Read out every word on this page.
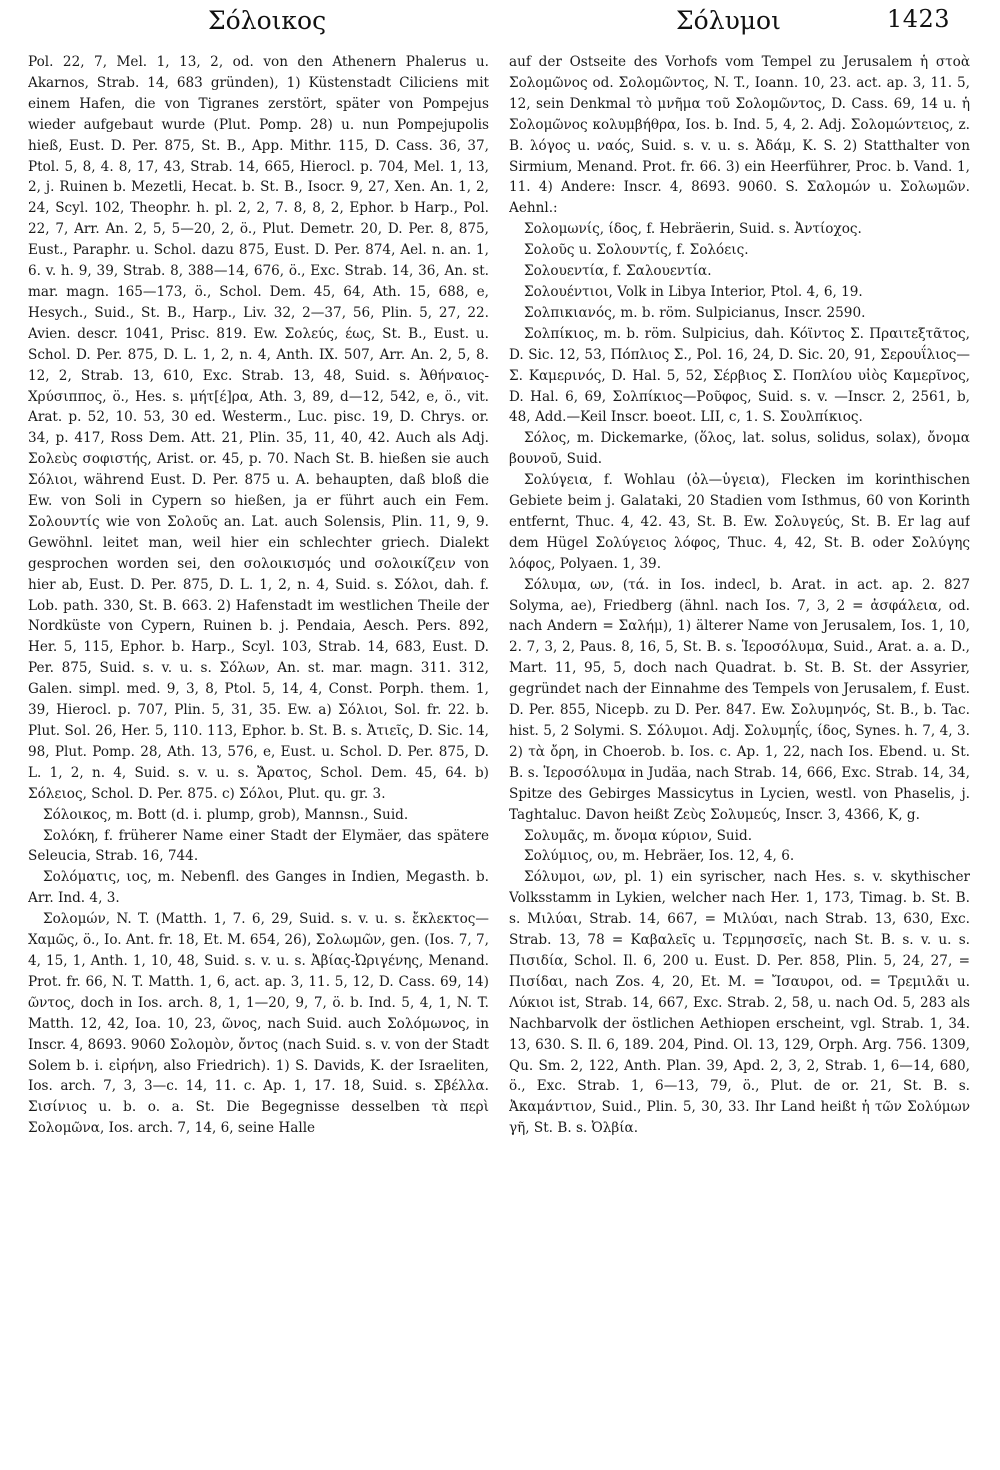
Σόλοικος	Σόλυμοι	1423

Pol. 22, 7, Mel. 1, 13, 2, od. von den Athenern Phalerus u. Akarnos, Strab. 14, 683 gründen), 1) Küstenstadt Ciliciens mit einem Hafen, die von Tigranes zerstört, später von Pompejus wieder aufgebaut wurde (Plut. Pomp. 28) u. nun Pompejupolis hieß, Eust. D. Per. 875, St. B., App. Mithr. 115, D. Cass. 36, 37, Ptol. 5, 8, 4. 8, 17, 43, Strab. 14, 665, Hierocl. p. 704, Mel. 1, 13, 2, j. Ruinen b. Mezetli, Hecat. b. St. B., Isocr. 9, 27, Xen. An. 1, 2, 24, Scyl. 102, Theophr. h. pl. 2, 2, 7. 8, 8, 2, Ephor. b Harp., Pol. 22, 7, Arr. An. 2, 5, 5—20, 2, ö., Plut. Demetr. 20, D. Per. 8, 875, Eust., Paraphr. u. Schol. dazu 875, Eust. D. Per. 874, Ael. n. an. 1, 6. v. h. 9, 39, Strab. 8, 388—14, 676, ö., Exc. Strab. 14, 36, An. st. mar. magn. 165—173, ö., Schol. Dem. 45, 64, Ath. 15, 688, e, Hesych., Suid., St. B., Harp., Liv. 32, 2—37, 56, Plin. 5, 27, 22. Avien. descr. 1041, Prisc. 819. Ew. Σολεύς, έως, St. B., Eust. u. Schol. D. Per. 875, D. L. 1, 2, n. 4, Anth. IX. 507, Arr. An. 2, 5, 8. 12, 2, Strab. 13, 610, Exc. Strab. 13, 48, Suid. s. Ἀθήναιος-Χρύσιππος, ö., Hes. s. μήτ[έ]ρα, Ath. 3, 89, d—12, 542, e, ö., vit. Arat. p. 52, 10. 53, 30 ed. Westerm., Luc. pisc. 19, D. Chrys. or. 34, p. 417, Ross Dem. Att. 21, Plin. 35, 11, 40, 42. Auch als Adj. Σολεὺς σοφιστής, Arist. or. 45, p. 70. Nach St. B. hießen sie auch Σόλιοι, während Eust. D. Per. 875 u. A. behaupten, daß bloß die Ew. von Soli in Cypern so hießen, ja er führt auch ein Fem. Σολουντίς wie von Σολοῦς an. Lat. auch Solensis, Plin. 11, 9, 9. Gewöhnl. leitet man, weil hier ein schlechter griech. Dialekt gesprochen worden sei, den σολοικισμός und σολοικίζειν von hier ab, Eust. D. Per. 875, D. L. 1, 2, n. 4, Suid. s. Σόλοι, dah. f. Lob. path. 330, St. B. 663. 2) Hafenstadt im westlichen Theile der Nordküste von Cypern, Ruinen b. j. Pendaia, Aesch. Pers. 892, Her. 5, 115, Ephor. b. Harp., Scyl. 103, Strab. 14, 683, Eust. D. Per. 875, Suid. s. v. u. s. Σόλων, An. st. mar. magn. 311. 312, Galen. simpl. med. 9, 3, 8, Ptol. 5, 14, 4, Const. Porph. them. 1, 39, Hierocl. p. 707, Plin. 5, 31, 35. Ew. a) Σόλιοι, Sol. fr. 22. b. Plut. Sol. 26, Her. 5, 110. 113, Ephor. b. St. B. s. Ἀτιεῖς, D. Sic. 14, 98, Plut. Pomp. 28, Ath. 13, 576, e, Eust. u. Schol. D. Per. 875, D. L. 1, 2, n. 4, Suid. s. v. u. s. Ἄρατος, Schol. Dem. 45, 64. b) Σόλειος, Schol. D. Per. 875. c) Σόλοι, Plut. qu. gr. 3.

Σόλοικος, m. Bott (d. i. plump, grob), Mannsn., Suid.

Σολόκη, f. früherer Name einer Stadt der Elymäer, das spätere Seleucia, Strab. 16, 744.

Σολόματις, ιος, m. Nebenfl. des Ganges in Indien, Megasth. b. Arr. Ind. 4, 3.

Σολομών, N. T. (Matth. 1, 7. 6, 29, Suid. s. v. u. s. ἔκλεκτος—Χαμῶς, ö., Io. Ant. fr. 18, Et. M. 654, 26), Σολωμῶν, gen. (Ios. 7, 7, 4, 15, 1, Anth. 1, 10, 48, Suid. s. v. u. s. Ἀβίας-Ὠριγένης, Menand. Prot. fr. 66, N. T. Matth. 1, 6, act. ap. 3, 11. 5, 12, D. Cass. 69, 14) ῶντος, doch in Ios. arch. 8, 1, 1—20, 9, 7, ö. b. Ind. 5, 4, 1, N. T. Matth. 12, 42, Ioa. 10, 23, ῶνος, nach Suid. auch Σολόμωνος, in Inscr. 4, 8693. 9060 Σολομὸν, ὄντος (nach Suid. s. v. von der Stadt Solem b. i. εἰρήνη, also Friedrich). 1) S. Davids, K. der Israeliten, Ios. arch. 7, 3, 3—c. 14, 11. c. Ap. 1, 17. 18, Suid. s. Σβέλλα. Σισίνιος u. b. o. a. St. Die Begegnisse desselben τὰ περὶ Σολομῶνα, Ios. arch. 7, 14, 6, seine Halle

auf der Ostseite des Vorhofs vom Tempel zu Jerusalem ἡ στοὰ Σολομῶνος od. Σολομῶντος, N. T., Ioann. 10, 23. act. ap. 3, 11. 5, 12, sein Denkmal τὸ μνῆμα τοῦ Σολομῶντος, D. Cass. 69, 14 u. ἡ Σολομῶνος κολυμβήθρα, Ios. b. Ind. 5, 4, 2. Adj. Σολομώντειος, z. B. λόγος u. ναός, Suid. s. v. u. s. Ἀδάμ, K. S. 2) Statthalter von Sirmium, Menand. Prot. fr. 66. 3) ein Heerführer, Proc. b. Vand. 1, 11. 4) Andere: Inscr. 4, 8693. 9060. S. Σαλομών u. Σολωμῶν. Aehnl.:

Σολομωνίς, ίδος, f. Hebräerin, Suid. s. Ἀντίοχος.

Σολοῦς u. Σολουντίς, f. Σολόεις.

Σολουεντία, f. Σαλουεντία.

Σολουέντιοι, Volk in Libya Interior, Ptol. 4, 6, 19.

Σολπικιανός, m. b. röm. Sulpicianus, Inscr. 2590.

Σολπίκιος, m. b. röm. Sulpicius, dah. Κόϊντος Σ. Πραιτεξτᾶτος, D. Sic. 12, 53, Πόπλιος Σ., Pol. 16, 24, D. Sic. 20, 91, Σερουΐλιος—Σ. Καμερινός, D. Hal. 5, 52, Σέρβιος Σ. Ποπλίου υἱὸς Καμερῖνος, D. Hal. 6, 69, Σολπίκιος—Ροῦφος, Suid. s. v. —Inscr. 2, 2561, b, 48, Add.—Keil Inscr. boeot. LII, c, 1. S. Σουλπίκιος.

Σόλος, m. Dickemarke, (ὅλος, lat. solus, solidus, solax), ὄνομα βουνοῦ, Suid.

Σολύγεια, f. Wohlau (ὀλ—ὑγεια), Flecken im korinthischen Gebiete beim j. Galataki, 20 Stadien vom Isthmus, 60 von Korinth entfernt, Thuc. 4, 42. 43, St. B. Ew. Σολυγεύς, St. B. Er lag auf dem Hügel Σολύγειος λόφος, Thuc. 4, 42, St. B. oder Σολύγης λόφος, Polyaen. 1, 39.

Σόλυμα, ων, (τά. in Ios. indecl, b. Arat. in act. ap. 2. 827 Solyma, ae), Friedberg (ähnl. nach Ios. 7, 3, 2 = ἀσφάλεια, od. nach Andern = Σαλήμ), 1) älterer Name von Jerusalem, Ios. 1, 10, 2. 7, 3, 2, Paus. 8, 16, 5, St. B. s. Ἱεροσόλυμα, Suid., Arat. a. a. D., Mart. 11, 95, 5, doch nach Quadrat. b. St. B. St. der Assyrier, gegründet nach der Einnahme des Tempels von Jerusalem, f. Eust. D. Per. 855, Nicepb. zu D. Per. 847. Ew. Σολυμηνός, St. B., b. Tac. hist. 5, 2 Solymi. S. Σόλυμοι. Adj. Σολυμηΐς, ίδος, Synes. h. 7, 4, 3. 2) τὰ ὄρη, in Choerob. b. Ios. c. Ap. 1, 22, nach Ios. Ebend. u. St. B. s. Ἱεροσόλυμα in Judäa, nach Strab. 14, 666, Exc. Strab. 14, 34, Spitze des Gebirges Massicytus in Lycien, westl. von Phaselis, j. Taghtaluc. Davon heißt Ζεὺς Σολυμεύς, Inscr. 3, 4366, K, g.

Σολυμᾶς, m. ὄνομα κύριον, Suid.

Σολύμιος, ου, m. Hebräer, Ios. 12, 4, 6.

Σόλυμοι, ων, pl. 1) ein syrischer, nach Hes. s. v. skythischer Volksstamm in Lykien, welcher nach Her. 1, 173, Timag. b. St. B. s. Μιλύαι, Strab. 14, 667, = Μιλύαι, nach Strab. 13, 630, Exc. Strab. 13, 78 = Καβαλεῖς u. Τερμησσεῖς, nach St. B. s. v. u. s. Πισιδία, Schol. Il. 6, 200 u. Eust. D. Per. 858, Plin. 5, 24, 27, = Πισίδαι, nach Zos. 4, 20, Et. M. = Ἴσαυροι, od. = Τρεμιλᾶι u. Λύκιοι ist, Strab. 14, 667, Exc. Strab. 2, 58, u. nach Od. 5, 283 als Nachbarvolk der östlichen Aethiopen erscheint, vgl. Strab. 1, 34. 13, 630. S. Il. 6, 189. 204, Pind. Ol. 13, 129, Orph. Arg. 756. 1309, Qu. Sm. 2, 122, Anth. Plan. 39, Apd. 2, 3, 2, Strab. 1, 6—14, 680, ö., Exc. Strab. 1, 6—13, 79, ö., Plut. de or. 21, St. B. s. Ἀκαμάντιον, Suid., Plin. 5, 30, 33. Ihr Land heißt ἡ τῶν Σολύμων γῆ, St. B. s. Ὀλβία.
